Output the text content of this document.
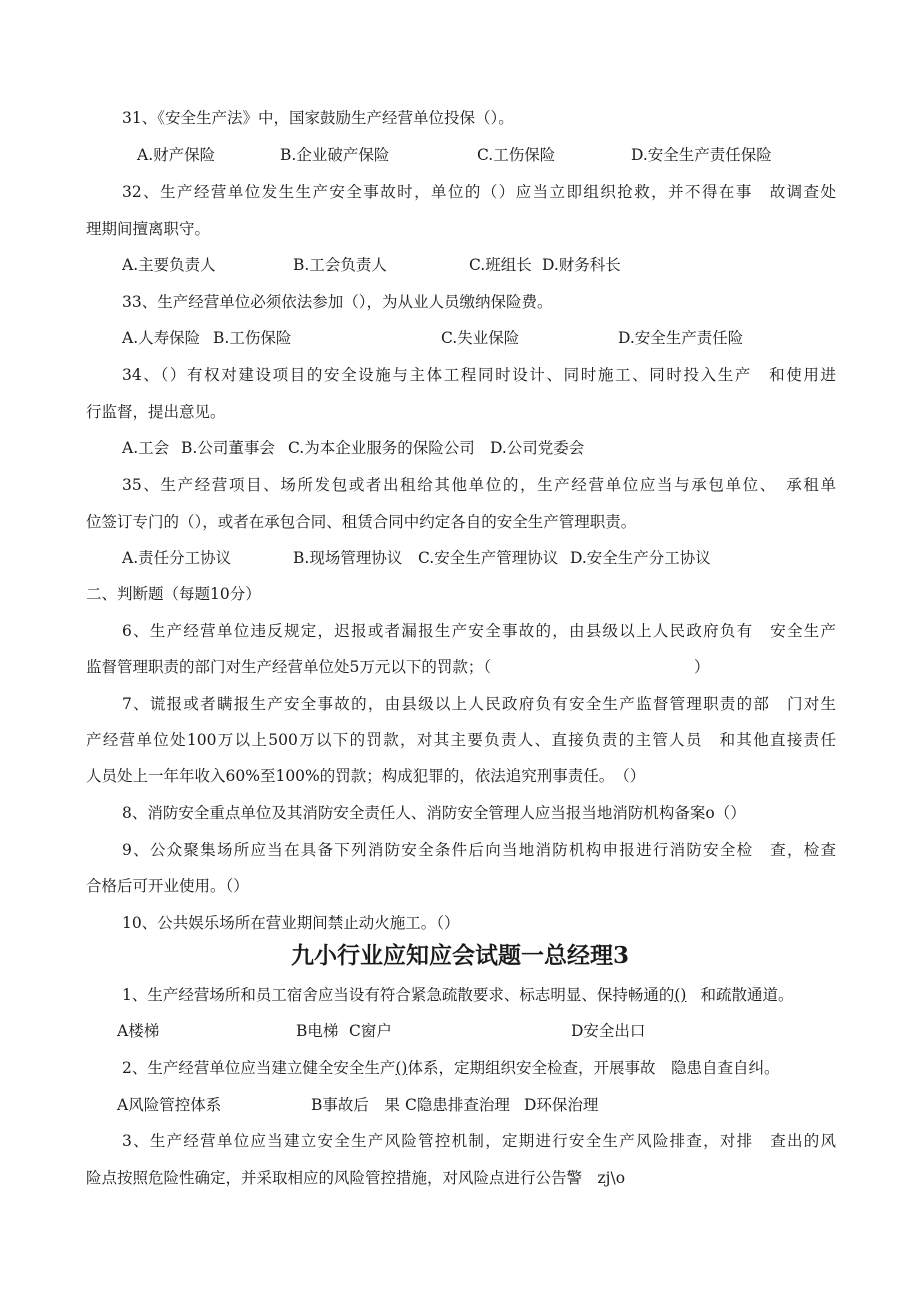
31、《安全生产法》中，国家鼓励生产经营单位投保（）。

A.财产保险	B.企业破产保险	C.工伤保险	D.安全生产责任保险

32、生产经营单位发生生产安全事故时，单位的（）应当立即组织抢救，并不得在事　故调查处

理期间擅离职守。

A.主要负责人	B.工会负责人	C.班组长 D.财务科长

33、生产经营单位必须依法参加（），为从业人员缴纳保险费。

A.人寿保险 B.工伤保险	C.失业保险	D.安全生产责任险

34、（）有权对建设项目的安全设施与主体工程同时设计、同时施工、同时投入生产　和使用进

行监督，提出意见。

A.工会 B.公司董事会 C.为本企业服务的保险公司 D.公司党委会

35、生产经营项目、场所发包或者出租给其他单位的，生产经营单位应当与承包单位、　承租单

位签订专门的（），或者在承包合同、租赁合同中约定各自的安全生产管理职责。

A.责任分工协议	B.现场管理协议 C.安全生产管理协议 D.安全生产分工协议

二、判断题（每题10分）

6、生产经营单位违反规定，迟报或者漏报生产安全事故的，由县级以上人民政府负有　安全生产

监督管理职责的部门对生产经营单位处5万元以下的罚款；（	）

7、谎报或者瞒报生产安全事故的，由县级以上人民政府负有安全生产监督管理职责的部　门对生

产经营单位处100万以上500万以下的罚款，对其主要负责人、直接负责的主管人员　和其他直接责任

人员处上一年年收入60%至100%的罚款；构成犯罪的，依法追究刑事责任。　（）

8、消防安全重点单位及其消防安全责任人、消防安全管理人应当报当地消防机构备案o（）

9、公众聚集场所应当在具备下列消防安全条件后向当地消防机构申报进行消防安全检　查，检查

合格后可开业使用。（）

10、公共娱乐场所在营业期间禁止动火施工。（）

九小行业应知应会试题一总经理3

1、生产经营场所和员工宿舍应当设有符合紧急疏散要求、标志明显、保持畅通的() 和疏散通道。

A楼梯	B电梯 C窗户	D安全出口

2、生产经营单位应当建立健全安全生产()体系，定期组织安全检查，开展事故　隐患自查自纠。

A风险管控体系	B事故后　果 C隐患排查治理 D环保治理

3、生产经营单位应当建立安全生产风险管控机制，定期进行安全生产风险排查，对排　查出的风

险点按照危险性确定，并采取相应的风险管控措施，对风险点进行公告警　zj\o
